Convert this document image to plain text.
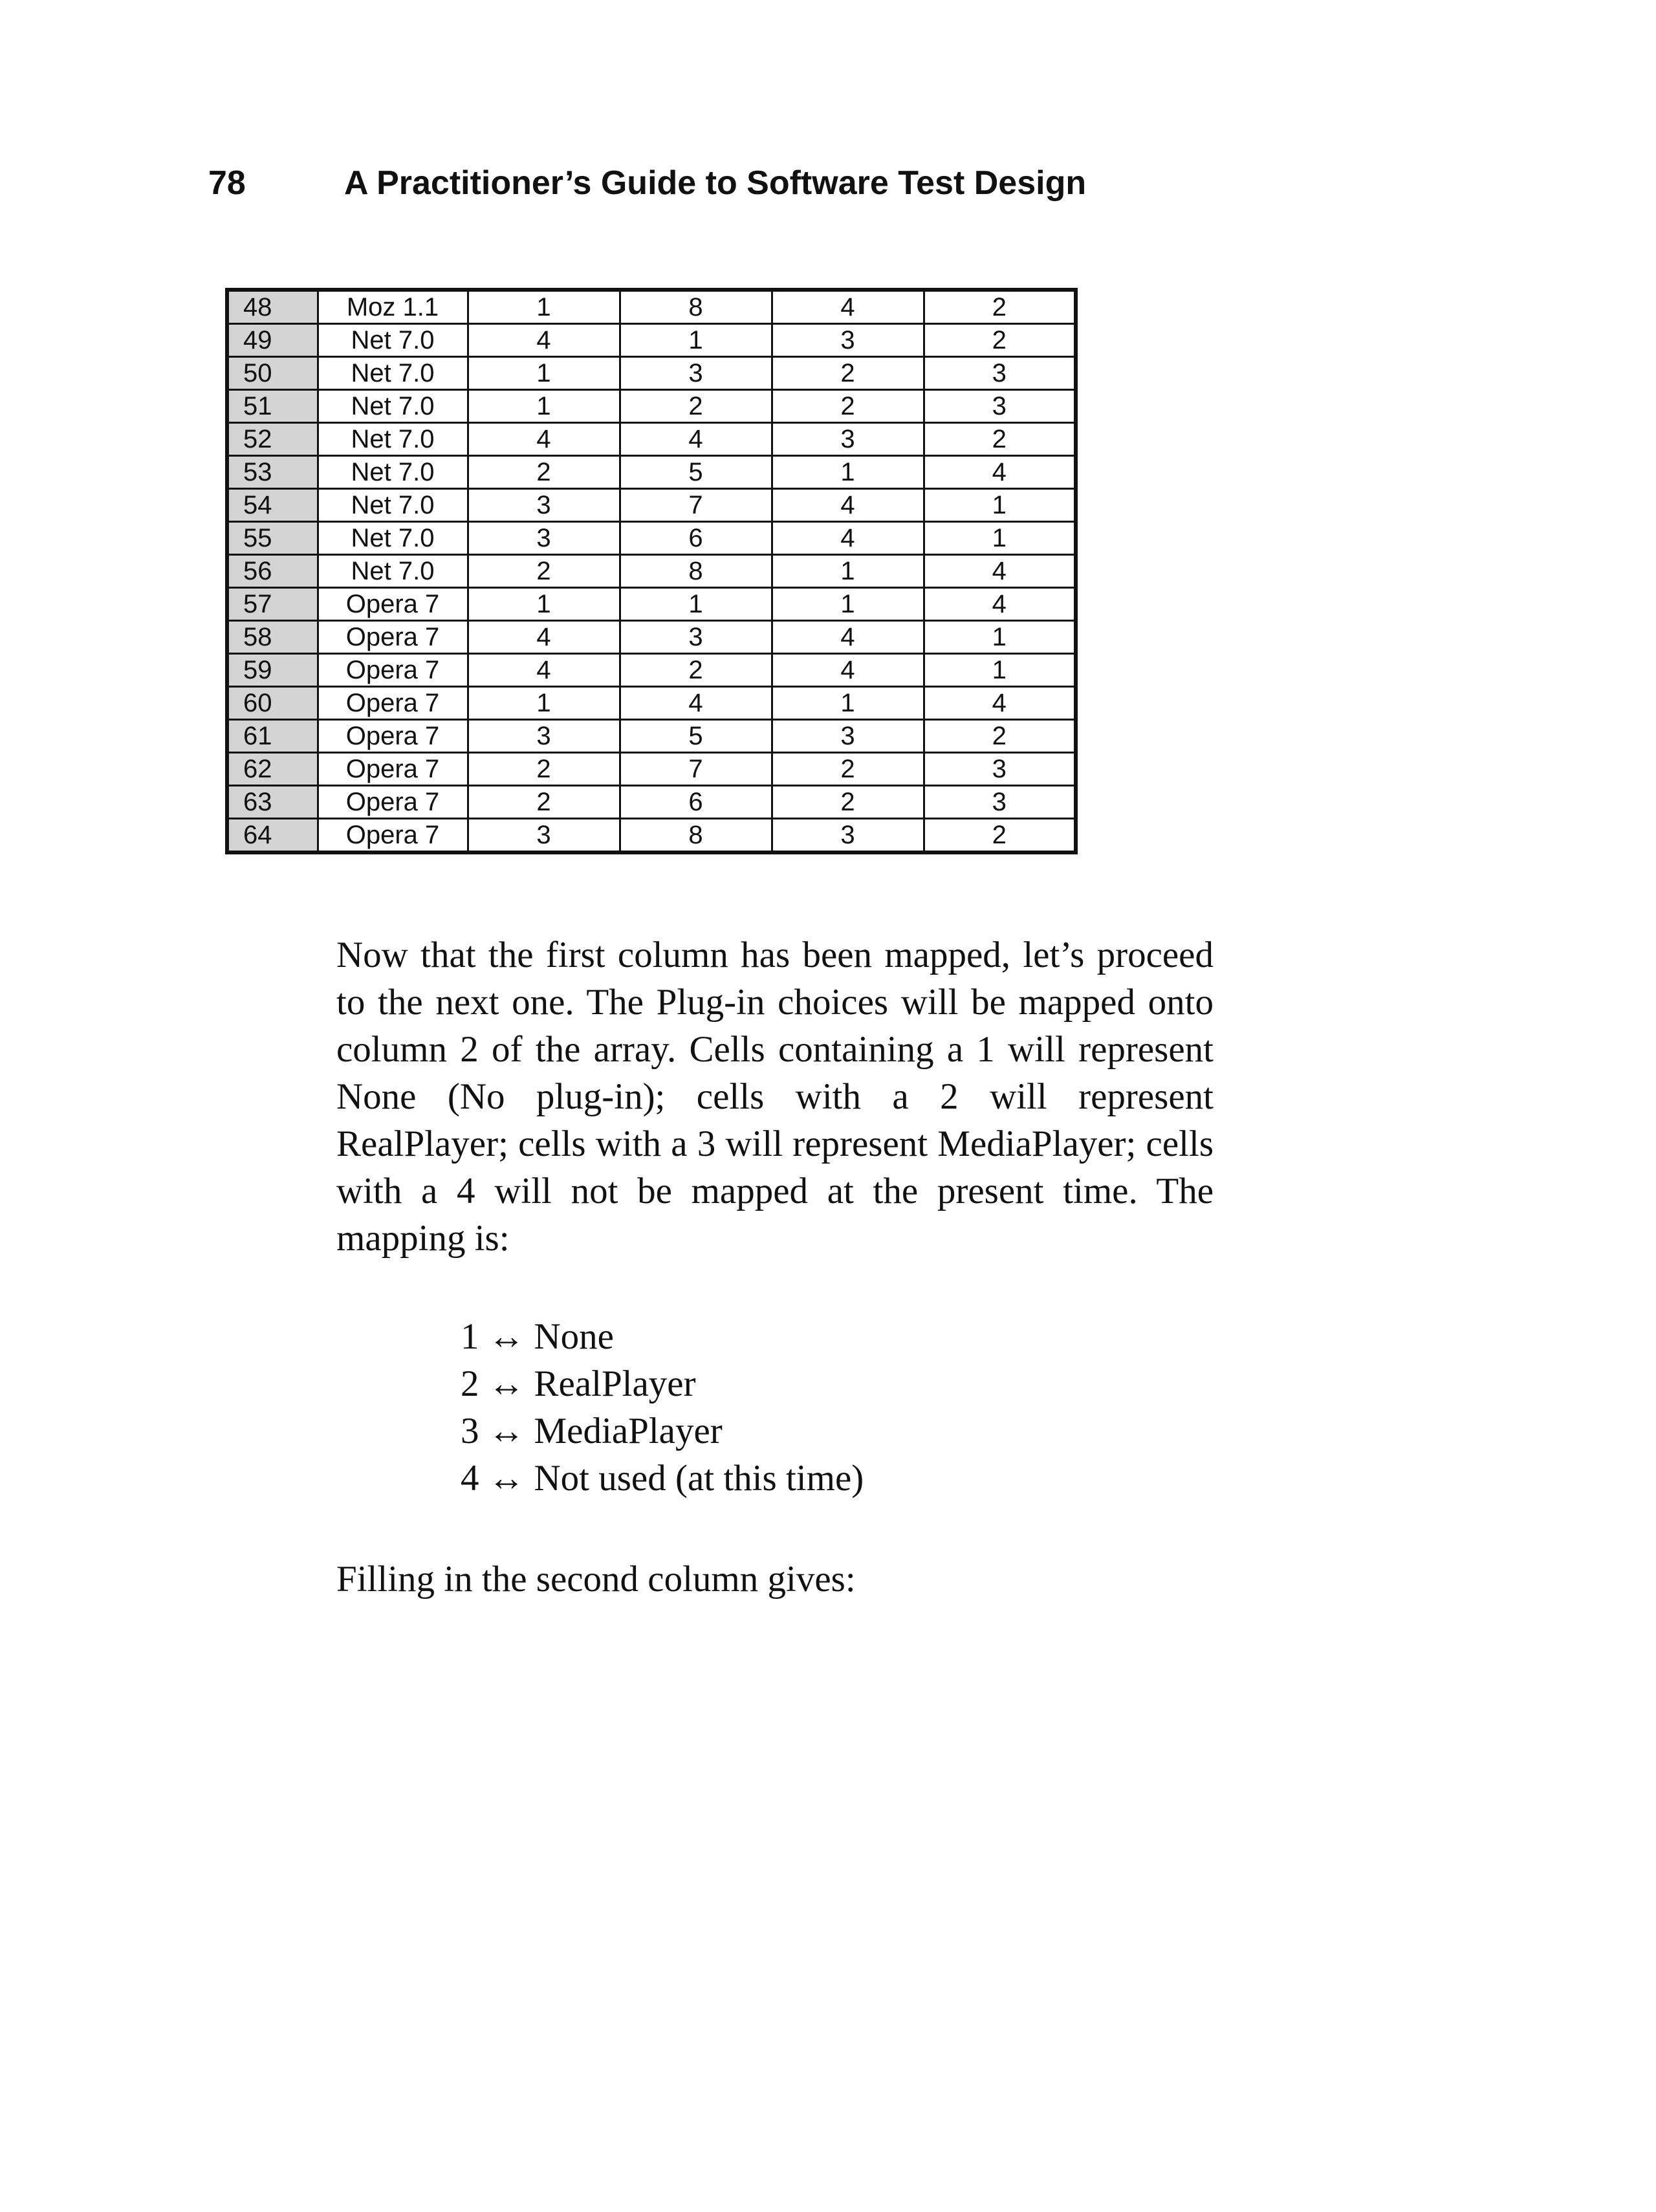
78	A Practitioner’s Guide to Software Test Design
48	Moz 1.1	1	8	4	2
49	Net 7.0	4	1	3	2
50	Net 7.0	1	3	2	3
51	Net 7.0	1	2	2	3
52	Net 7.0	4	4	3	2
53	Net 7.0	2	5	1	4
54	Net 7.0	3	7	4	1
55	Net 7.0	3	6	4	1
56	Net 7.0	2	8	1	4
57	Opera 7	1	1	1	4
58	Opera 7	4	3	4	1
59	Opera 7	4	2	4	1
60	Opera 7	1	4	1	4
61	Opera 7	3	5	3	2
62	Opera 7	2	7	2	3
63	Opera 7	2	6	2	3
64	Opera 7	3	8	3	2

Now that the first column has been mapped, let’s proceed to the next one. The Plug-in choices will be mapped onto column 2 of the array. Cells containing a 1 will represent None (No plug-in); cells with a 2 will represent RealPlayer; cells with a 3 will represent MediaPlayer; cells with a 4 will not be mapped at the present time. The mapping is:

1 ↔ None
2 ↔ RealPlayer
3 ↔ MediaPlayer
4 ↔ Not used (at this time)

Filling in the second column gives:
